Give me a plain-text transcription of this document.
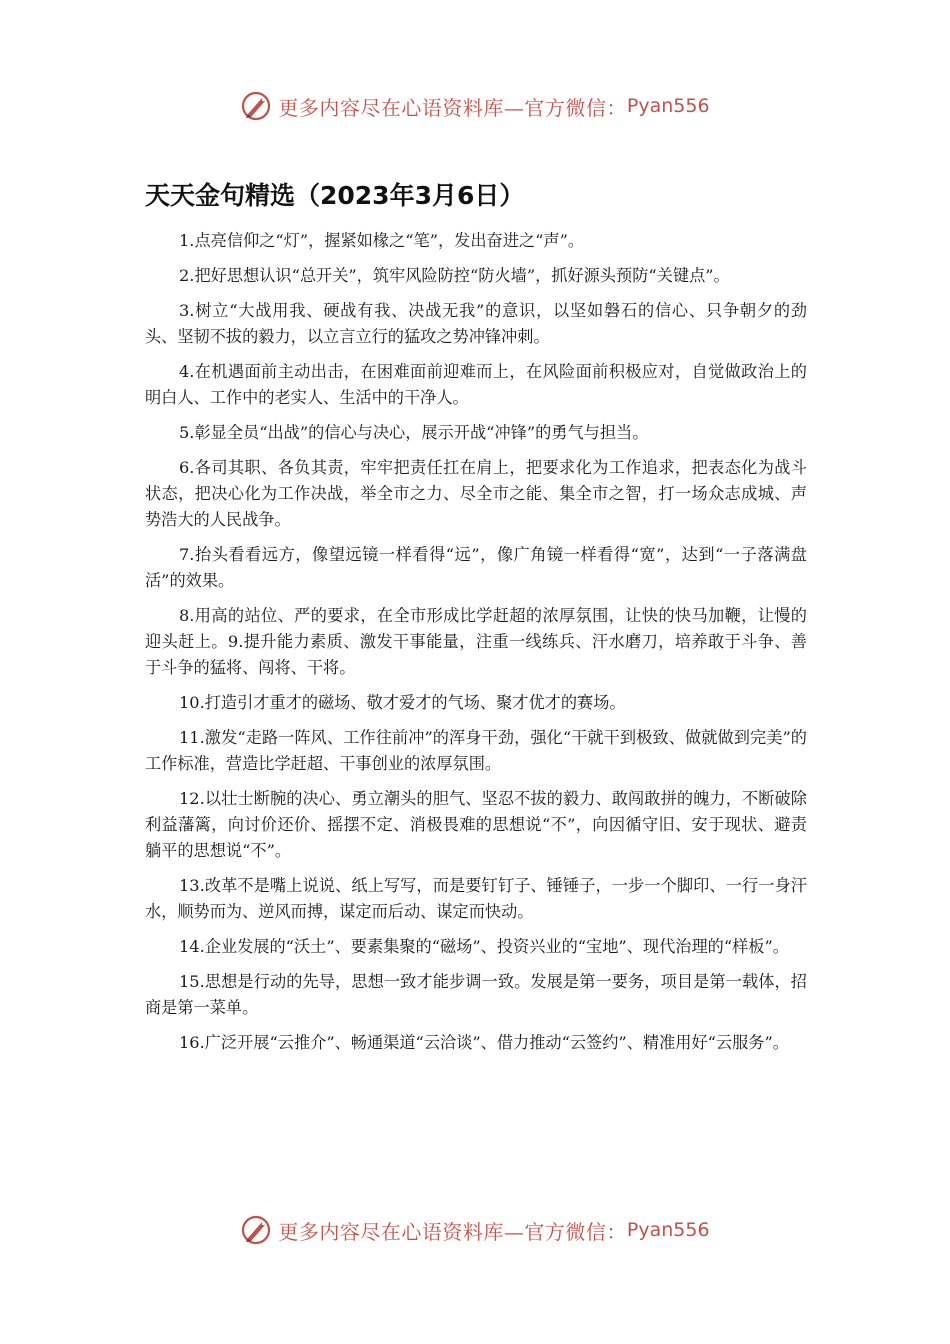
更多内容尽在心语资料库—官方微信： Pyan556
天天金句精选（2023年3月6日）

1.点亮信仰之“灯”，握紧如椽之“笔”，发出奋进之“声”。

2.把好思想认识“总开关”，筑牢风险防控“防火墙”，抓好源头预防“关键点”。

3.树立“大战用我、硬战有我、决战无我”的意识，以坚如磐石的信心、只争朝夕的劲头、坚韧不拔的毅力，以立言立行的猛攻之势冲锋冲刺。

4.在机遇面前主动出击，在困难面前迎难而上，在风险面前积极应对，自觉做政治上的明白人、工作中的老实人、生活中的干净人。

5.彰显全员“出战”的信心与决心，展示开战“冲锋”的勇气与担当。

6.各司其职、各负其责，牢牢把责任扛在肩上，把要求化为工作追求，把表态化为战斗状态，把决心化为工作决战，举全市之力、尽全市之能、集全市之智，打一场众志成城、声势浩大的人民战争。

7.抬头看看远方，像望远镜一样看得“远”，像广角镜一样看得“宽”，达到“一子落满盘活”的效果。

8.用高的站位、严的要求，在全市形成比学赶超的浓厚氛围，让快的快马加鞭，让慢的迎头赶上。9.提升能力素质、激发干事能量，注重一线练兵、汗水磨刀，培养敢于斗争、善于斗争的猛将、闯将、干将。

10.打造引才重才的磁场、敬才爱才的气场、聚才优才的赛场。

11.激发“走路一阵风、工作往前冲”的浑身干劲，强化“干就干到极致、做就做到完美”的工作标准，营造比学赶超、干事创业的浓厚氛围。

12.以壮士断腕的决心、勇立潮头的胆气、坚忍不拔的毅力、敢闯敢拼的魄力，不断破除利益藩篱，向讨价还价、摇摆不定、消极畏难的思想说“不”，向因循守旧、安于现状、避责躺平的思想说“不”。

13.改革不是嘴上说说、纸上写写，而是要钉钉子、锤锤子，一步一个脚印、一行一身汗水，顺势而为、逆风而搏，谋定而后动、谋定而快动。

14.企业发展的“沃土”、要素集聚的“磁场”、投资兴业的“宝地”、现代治理的“样板”。

15.思想是行动的先导，思想一致才能步调一致。发展是第一要务，项目是第一载体，招商是第一菜单。

16.广泛开展“云推介”、畅通渠道“云洽谈”、借力推动“云签约”、精准用好“云服务”。

更多内容尽在心语资料库—官方微信： Pyan556
